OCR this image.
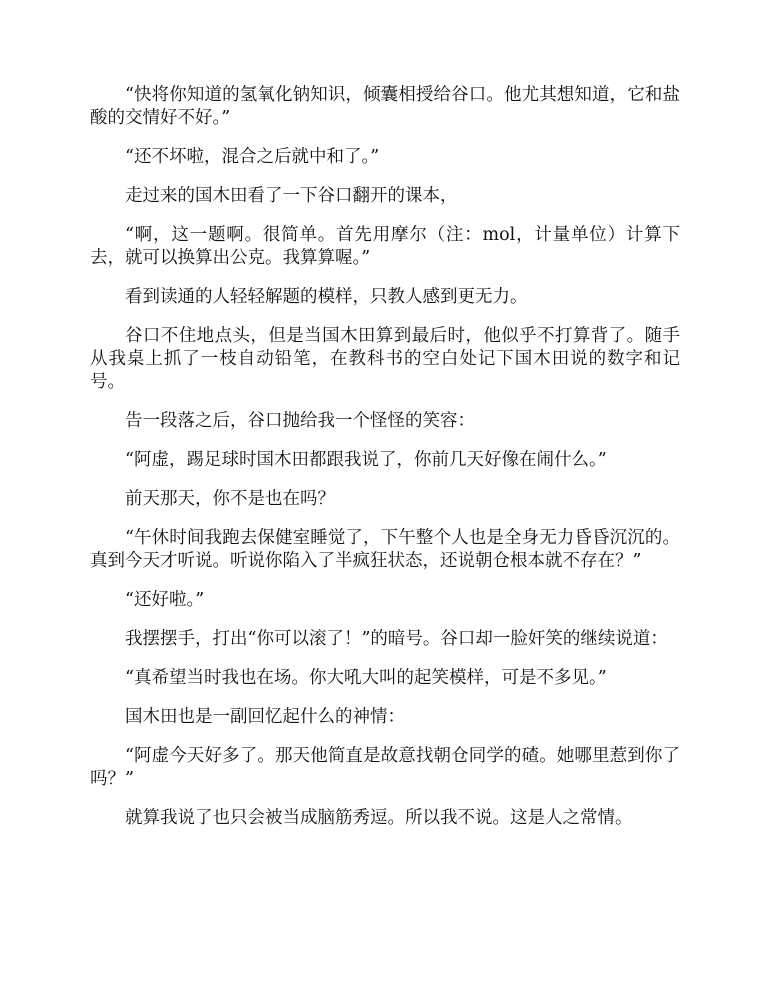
“快将你知道的氢氧化钠知识，倾囊相授给谷口。他尤其想知道，它和盐酸的交情好不好。”

“还不坏啦，混合之后就中和了。”

走过来的国木田看了一下谷口翻开的课本，

“啊，这一题啊。很简单。首先用摩尔（注：mol，计量单位）计算下去，就可以换算出公克。我算算喔。”

看到读通的人轻轻解题的模样，只教人感到更无力。

谷口不住地点头，但是当国木田算到最后时，他似乎不打算背了。随手从我桌上抓了一枝自动铅笔，在教科书的空白处记下国木田说的数字和记号。

告一段落之后，谷口抛给我一个怪怪的笑容：

“阿虚，踢足球时国木田都跟我说了，你前几天好像在闹什么。”

前天那天，你不是也在吗？

“午休时间我跑去保健室睡觉了，下午整个人也是全身无力昏昏沉沉的。真到今天才听说。听说你陷入了半疯狂状态，还说朝仓根本就不存在？”

“还好啦。”

我摆摆手，打出“你可以滚了！”的暗号。谷口却一脸奸笑的继续说道：

“真希望当时我也在场。你大吼大叫的起笑模样，可是不多见。”

国木田也是一副回忆起什么的神情：

“阿虚今天好多了。那天他简直是故意找朝仓同学的碴。她哪里惹到你了吗？”

就算我说了也只会被当成脑筋秀逗。所以我不说。这是人之常情。
